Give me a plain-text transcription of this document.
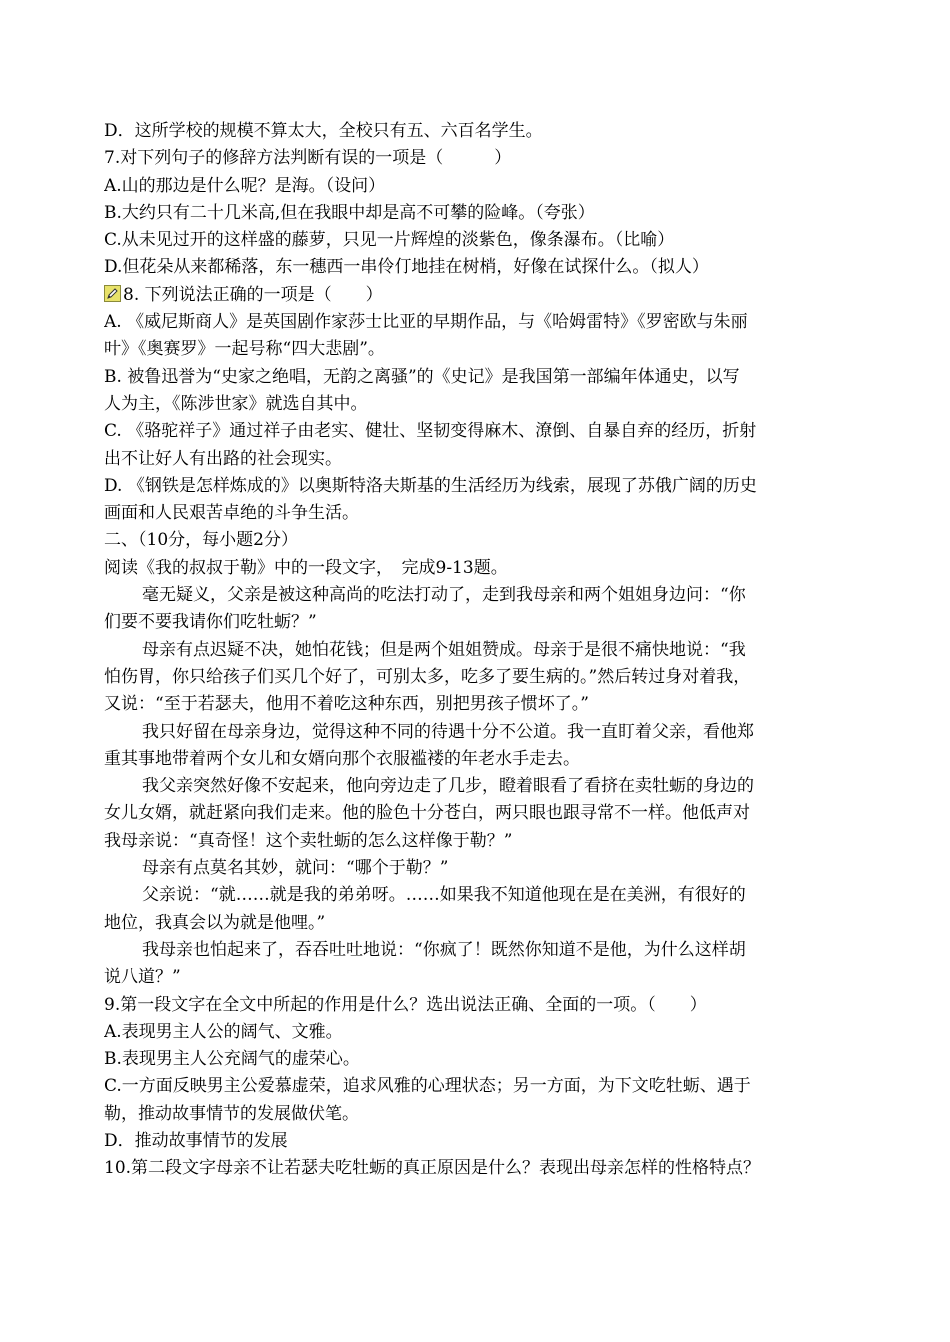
D．这所学校的规模不算太大，全校只有五、六百名学生。
7.对下列句子的修辞方法判断有误的一项是（　　　）
A.山的那边是什么呢？是海。（设问）
B.大约只有二十几米高,但在我眼中却是高不可攀的险峰。（夸张）
C.从未见过开的这样盛的藤萝，只见一片辉煌的淡紫色，像条瀑布。（比喻）
D.但花朵从来都稀落，东一穗西一串伶仃地挂在树梢，好像在试探什么。（拟人）
8. 下列说法正确的一项是（　　）
A. 《威尼斯商人》是英国剧作家莎士比亚的早期作品，与《哈姆雷特》《罗密欧与朱丽
叶》《奥赛罗》一起号称“四大悲剧”。
B. 被鲁迅誉为“史家之绝唱，无韵之离骚”的《史记》是我国第一部编年体通史，以写
人为主，《陈涉世家》就选自其中。
C. 《骆驼祥子》通过祥子由老实、健壮、坚韧变得麻木、潦倒、自暴自弃的经历，折射
出不让好人有出路的社会现实。
D. 《钢铁是怎样炼成的》以奥斯特洛夫斯基的生活经历为线索，展现了苏俄广阔的历史
画面和人民艰苦卓绝的斗争生活。
二、（10分，每小题2分）
阅读《我的叔叔于勒》中的一段文字，　完成9-13题。
毫无疑义，父亲是被这种高尚的吃法打动了，走到我母亲和两个姐姐身边问：“你
们要不要我请你们吃牡蛎？”
母亲有点迟疑不决，她怕花钱；但是两个姐姐赞成。母亲于是很不痛快地说：“我
怕伤胃，你只给孩子们买几个好了，可别太多，吃多了要生病的。”然后转过身对着我，
又说：“至于若瑟夫，他用不着吃这种东西，别把男孩子惯坏了。”
我只好留在母亲身边，觉得这种不同的待遇十分不公道。我一直盯着父亲，看他郑
重其事地带着两个女儿和女婿向那个衣服褴褛的年老水手走去。
我父亲突然好像不安起来，他向旁边走了几步，瞪着眼看了看挤在卖牡蛎的身边的
女儿女婿，就赶紧向我们走来。他的脸色十分苍白，两只眼也跟寻常不一样。他低声对
我母亲说：“真奇怪！这个卖牡蛎的怎么这样像于勒？”
母亲有点莫名其妙，就问：“哪个于勒？”
父亲说：“就……就是我的弟弟呀。……如果我不知道他现在是在美洲，有很好的
地位，我真会以为就是他哩。”
我母亲也怕起来了，吞吞吐吐地说：“你疯了！既然你知道不是他，为什么这样胡
说八道？”
9.第一段文字在全文中所起的作用是什么？选出说法正确、全面的一项。（　　）
A.表现男主人公的阔气、文雅。
B.表现男主人公充阔气的虚荣心。
C.一方面反映男主公爱慕虚荣，追求风雅的心理状态；另一方面，为下文吃牡蛎、遇于
勒，推动故事情节的发展做伏笔。
D．推动故事情节的发展
10.第二段文字母亲不让若瑟夫吃牡蛎的真正原因是什么？表现出母亲怎样的性格特点？
